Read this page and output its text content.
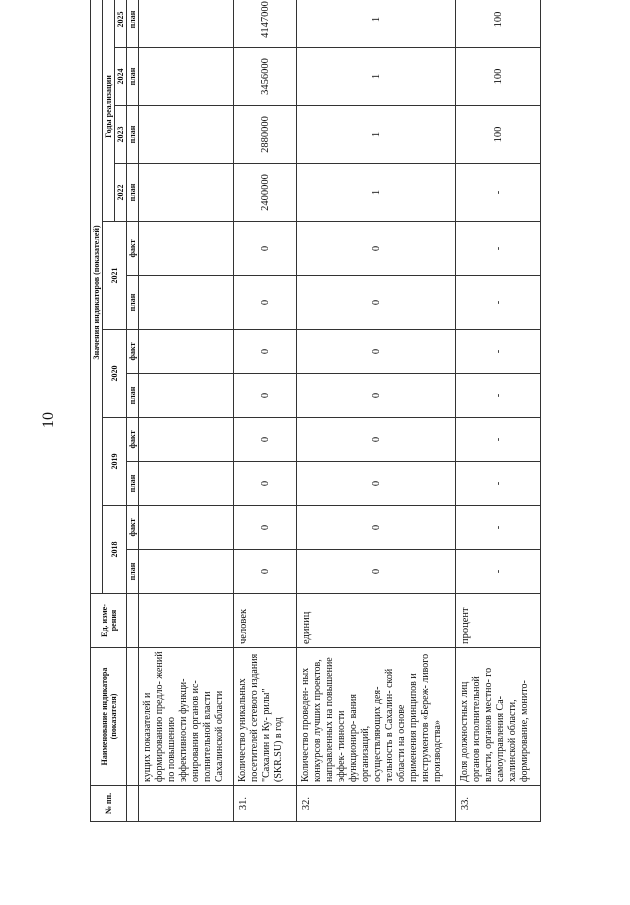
10
№ пп.	Наименование индикатора (показателя)	Ед. изме- рения	Значения индикаторов (показателей)											
			2018		2019		2020		2021		Годы реализации			
											2022	2023	2024	2025
			план	факт	план	факт	план	факт	план	факт	план	план	план	план
	кущих показателей и формированию предло- жений по повышению эффективности функци- онирования органов ис- полнительной власти Сахалинской области													
31.	Количество уникальных посетителей сетевого издания "Сахалин и Ку- рилы" (SKR.SU) в год	человек	0	0	0	0	0	0	0	0	2400000	2880000	3456000	4147000
32.	Количество проведен- ных конкурсов лучших проектов, направленных на повышение эффек- тивности функциониро- вания организаций, осуществляющих дея- тельность в Сахалин- ской области на основе применения принципов и инструментов «Береж- ливого производства»	единиц	0	0	0	0	0	0	0	0	1	1	1	1
33.	Доля должностных лиц органов исполнительной власти, органов местно- го самоуправления Са- халинской области, формирование, монито-	процент	-	-	-	-	-	-	-	-	-	100	100	100
